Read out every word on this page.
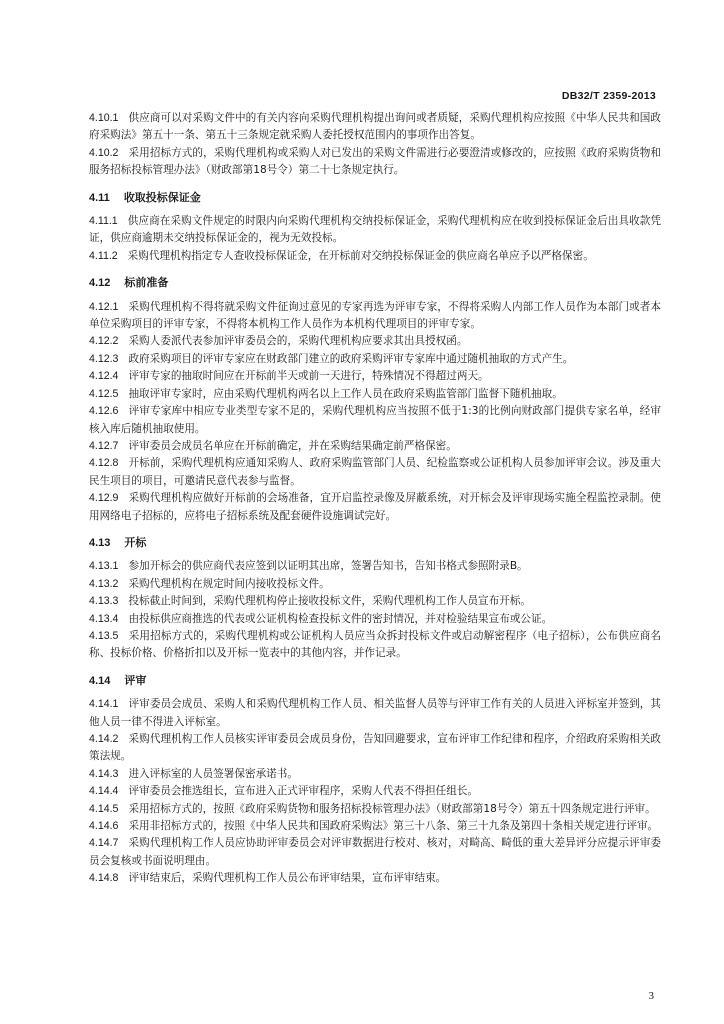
DB32/T 2359-2013

4.10.1 供应商可以对采购文件中的有关内容向采购代理机构提出询问或者质疑，采购代理机构应按照《中华人民共和国政府采购法》第五十一条、第五十三条规定就采购人委托授权范围内的事项作出答复。

4.10.2 采用招标方式的，采购代理机构或采购人对已发出的采购文件需进行必要澄清或修改的，应按照《政府采购货物和服务招标投标管理办法》（财政部第18号令）第二十七条规定执行。

4.11 收取投标保证金

4.11.1 供应商在采购文件规定的时限内向采购代理机构交纳投标保证金，采购代理机构应在收到投标保证金后出具收款凭证，供应商逾期未交纳投标保证金的，视为无效投标。

4.11.2 采购代理机构指定专人查收投标保证金，在开标前对交纳投标保证金的供应商名单应予以严格保密。

4.12 标前准备

4.12.1 采购代理机构不得将就采购文件征询过意见的专家再选为评审专家，不得将采购人内部工作人员作为本部门或者本单位采购项目的评审专家，不得将本机构工作人员作为本机构代理项目的评审专家。

4.12.2 采购人委派代表参加评审委员会的，采购代理机构应要求其出具授权函。

4.12.3 政府采购项目的评审专家应在财政部门建立的政府采购评审专家库中通过随机抽取的方式产生。

4.12.4 评审专家的抽取时间应在开标前半天或前一天进行，特殊情况不得超过两天。

4.12.5 抽取评审专家时，应由采购代理机构两名以上工作人员在政府采购监管部门监督下随机抽取。

4.12.6 评审专家库中相应专业类型专家不足的，采购代理机构应当按照不低于1:3的比例向财政部门提供专家名单，经审核入库后随机抽取使用。

4.12.7 评审委员会成员名单应在开标前确定，并在采购结果确定前严格保密。

4.12.8 开标前，采购代理机构应通知采购人、政府采购监管部门人员、纪检监察或公证机构人员参加评审会议。涉及重大民生项目的项目，可邀请民意代表参与监督。

4.12.9 采购代理机构应做好开标前的会场准备，宜开启监控录像及屏蔽系统，对开标会及评审现场实施全程监控录制。使用网络电子招标的，应将电子招标系统及配套硬件设施调试完好。

4.13 开标

4.13.1 参加开标会的供应商代表应签到以证明其出席，签署告知书，告知书格式参照附录B。

4.13.2 采购代理机构在规定时间内接收投标文件。

4.13.3 投标截止时间到，采购代理机构停止接收投标文件，采购代理机构工作人员宣布开标。

4.13.4 由投标供应商推选的代表或公证机构检查投标文件的密封情况，并对检验结果宣布或公证。

4.13.5 采用招标方式的，采购代理机构或公证机构人员应当众拆封投标文件或启动解密程序（电子招标），公布供应商名称、投标价格、价格折扣以及开标一览表中的其他内容，并作记录。

4.14 评审

4.14.1 评审委员会成员、采购人和采购代理机构工作人员、相关监督人员等与评审工作有关的人员进入评标室并签到，其他人员一律不得进入评标室。

4.14.2 采购代理机构工作人员核实评审委员会成员身份，告知回避要求，宣布评审工作纪律和程序，介绍政府采购相关政策法规。

4.14.3 进入评标室的人员签署保密承诺书。

4.14.4 评审委员会推选组长，宣布进入正式评审程序，采购人代表不得担任组长。

4.14.5 采用招标方式的，按照《政府采购货物和服务招标投标管理办法》（财政部第18号令）第五十四条规定进行评审。

4.14.6 采用非招标方式的，按照《中华人民共和国政府采购法》第三十八条、第三十九条及第四十条相关规定进行评审。

4.14.7 采购代理机构工作人员应协助评审委员会对评审数据进行校对、核对，对畸高、畸低的重大差异评分应提示评审委员会复核或书面说明理由。

4.14.8 评审结束后，采购代理机构工作人员公布评审结果，宣布评审结束。

3
